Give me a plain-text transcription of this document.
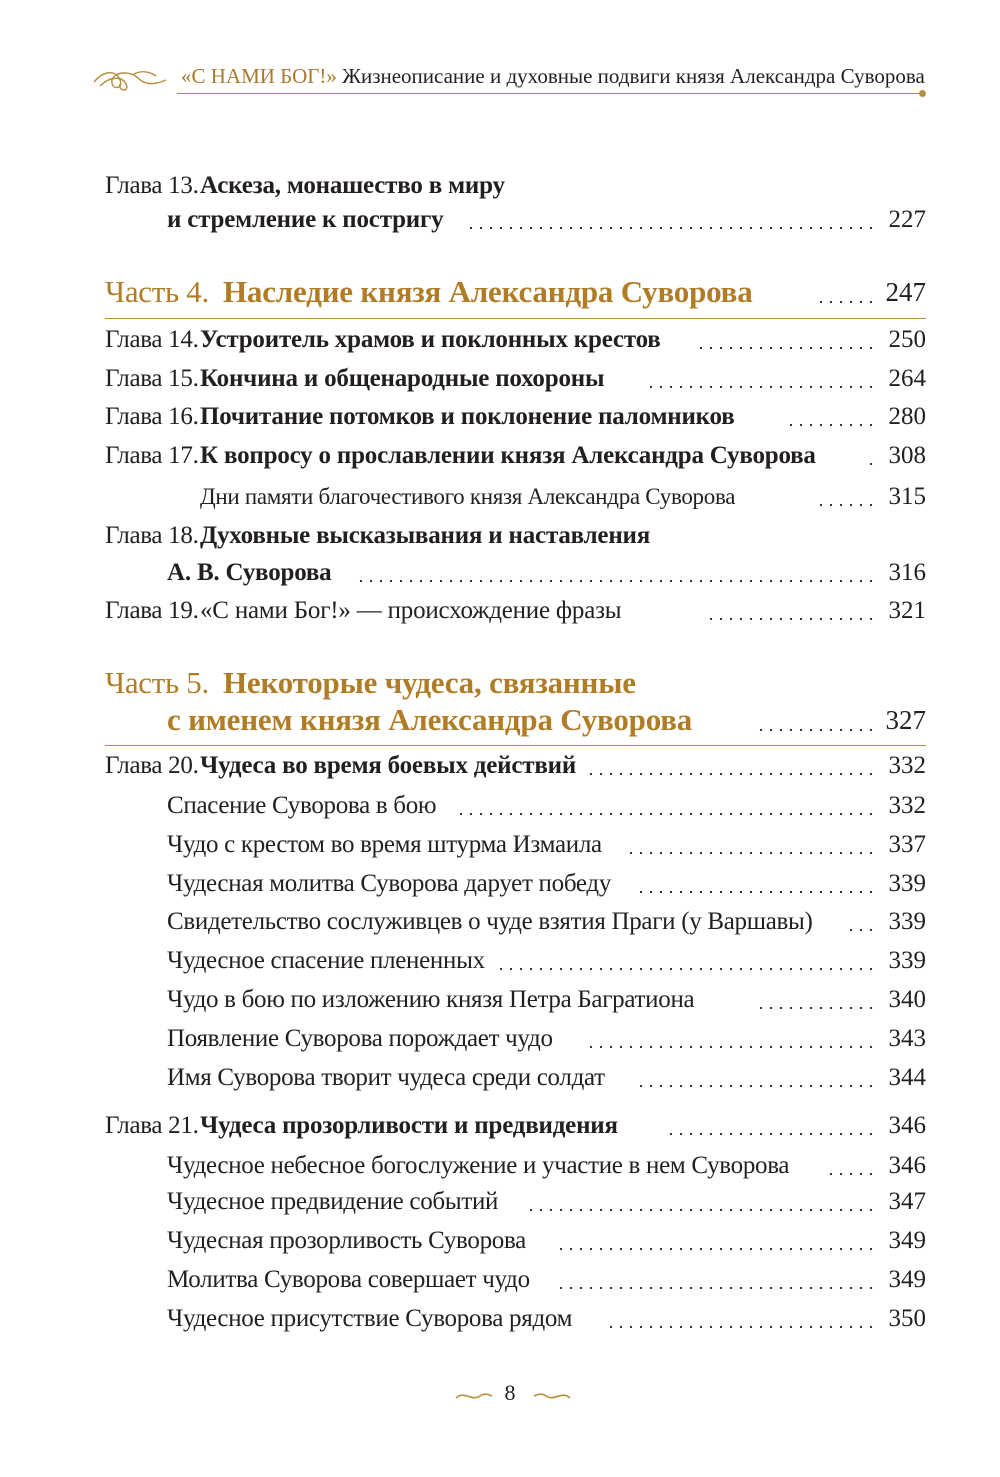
«С НАМИ БОГ!» Жизнеописание и духовные подвиги князя Александра Суворова
Глава 13. Аскеза, монашество в миру
и стремление к постригу	227
Часть 4. Наследие князя Александра Суворова	247
Глава 14. Устроитель храмов и поклонных крестов	250
Глава 15. Кончина и общенародные похороны	264
Глава 16. Почитание потомков и поклонение паломников	280
Глава 17. К вопросу о прославлении князя Александра Суворова	308
Дни памяти благочестивого князя Александра Суворова	315
Глава 18. Духовные высказывания и наставления
А. В. Суворова	316
Глава 19. «С нами Бог!» — происхождение фразы	321
Часть 5. Некоторые чудеса, связанные
с именем князя Александра Суворова	327
Глава 20. Чудеса во время боевых действий	332
Спасение Суворова в бою	332
Чудо с крестом во время штурма Измаила	337
Чудесная молитва Суворова дарует победу	339
Свидетельство сослуживцев о чуде взятия Праги (у Варшавы)	339
Чудесное спасение плененных	339
Чудо в бою по изложению князя Петра Багратиона	340
Появление Суворова порождает чудо	343
Имя Суворова творит чудеса среди солдат	344
Глава 21. Чудеса прозорливости и предвидения	346
Чудесное небесное богослужение и участие в нем Суворова	346
Чудесное предвидение событий	347
Чудесная прозорливость Суворова	349
Молитва Суворова совершает чудо	349
Чудесное присутствие Суворова рядом	350
8
